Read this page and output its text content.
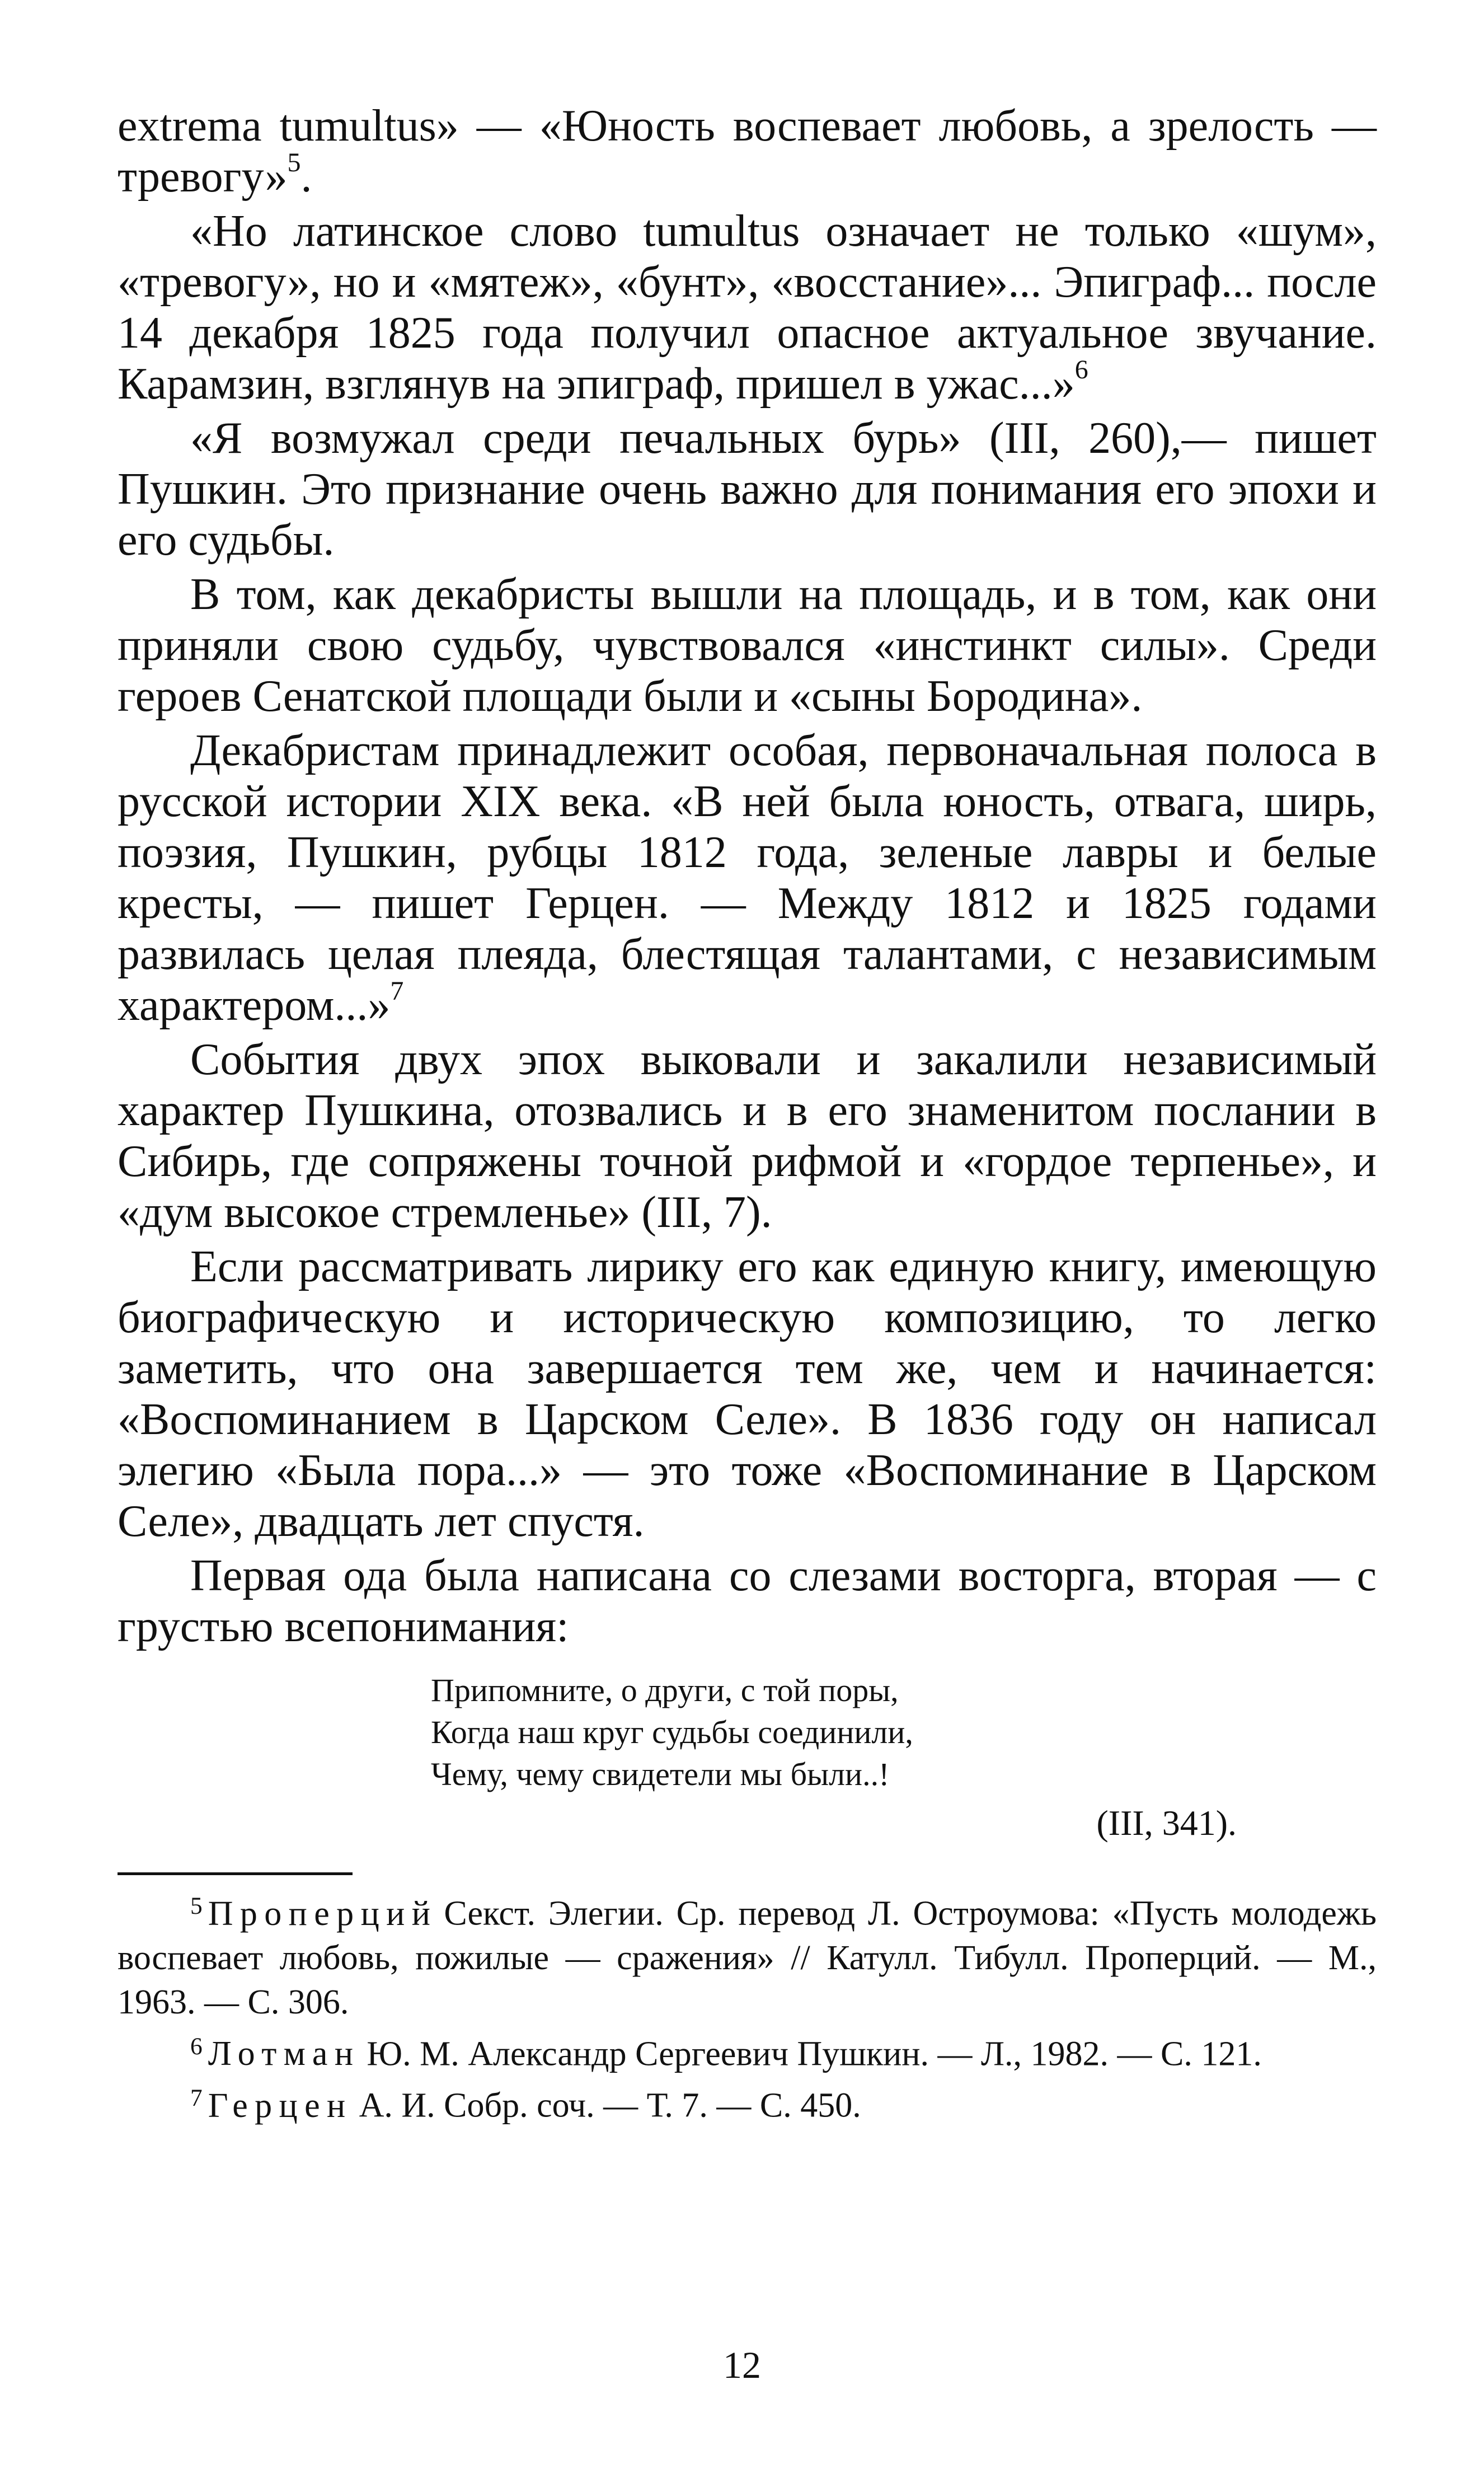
extrema tumultus» — «Юность воспевает любовь, а зрелость — тревогу»$^5$.

«Но латинское слово tumultus означает не только «шум», «тревогу», но и «мятеж», «бунт», «восстание»... Эпиграф... после 14 декабря 1825 года получил опасное актуальное звучание. Карамзин, взглянув на эпиграф, пришел в ужас...»$^6$

«Я возмужал среди печальных бурь» (III, 260),— пишет Пушкин. Это признание очень важно для понимания его эпохи и его судьбы.

В том, как декабристы вышли на площадь, и в том, как они приняли свою судьбу, чувствовался «инстинкт силы». Среди героев Сенатской площади были и «сыны Бородина».

Декабристам принадлежит особая, первоначальная полоса в русской истории XIX века. «В ней была юность, отвага, ширь, поэзия, Пушкин, рубцы 1812 года, зеленые лавры и белые кресты, — пишет Герцен. — Между 1812 и 1825 годами развилась целая плеяда, блестящая талантами, с независимым характером...»$^7$

События двух эпох выковали и закалили независимый характер Пушкина, отозвались и в его знаменитом послании в Сибирь, где сопряжены точной рифмой и «гордое терпенье», и «дум высокое стремленье» (III, 7).

Если рассматривать лирику его как единую книгу, имеющую биографическую и историческую композицию, то легко заметить, что она завершается тем же, чем и начинается: «Воспоминанием в Царском Селе». В 1836 году он написал элегию «Была пора...» — это тоже «Воспоминание в Царском Селе», двадцать лет спустя.

Первая ода была написана со слезами восторга, вторая — с грустью всепонимания:

Припомните, о други, с той поры,
Когда наш круг судьбы соединили,
Чему, чему свидетели мы были..!
(III, 341).

$^5$ Проперций Секст. Элегии. Ср. перевод Л. Остроумова: «Пусть молодежь воспевает любовь, пожилые — сражения» // Катулл. Тибулл. Проперций. — М., 1963. — С. 306.

$^6$ Лотман Ю. М. Александр Сергеевич Пушкин. — Л., 1982. — С. 121.

$^7$ Герцен А. И. Собр. соч. — Т. 7. — С. 450.

12
